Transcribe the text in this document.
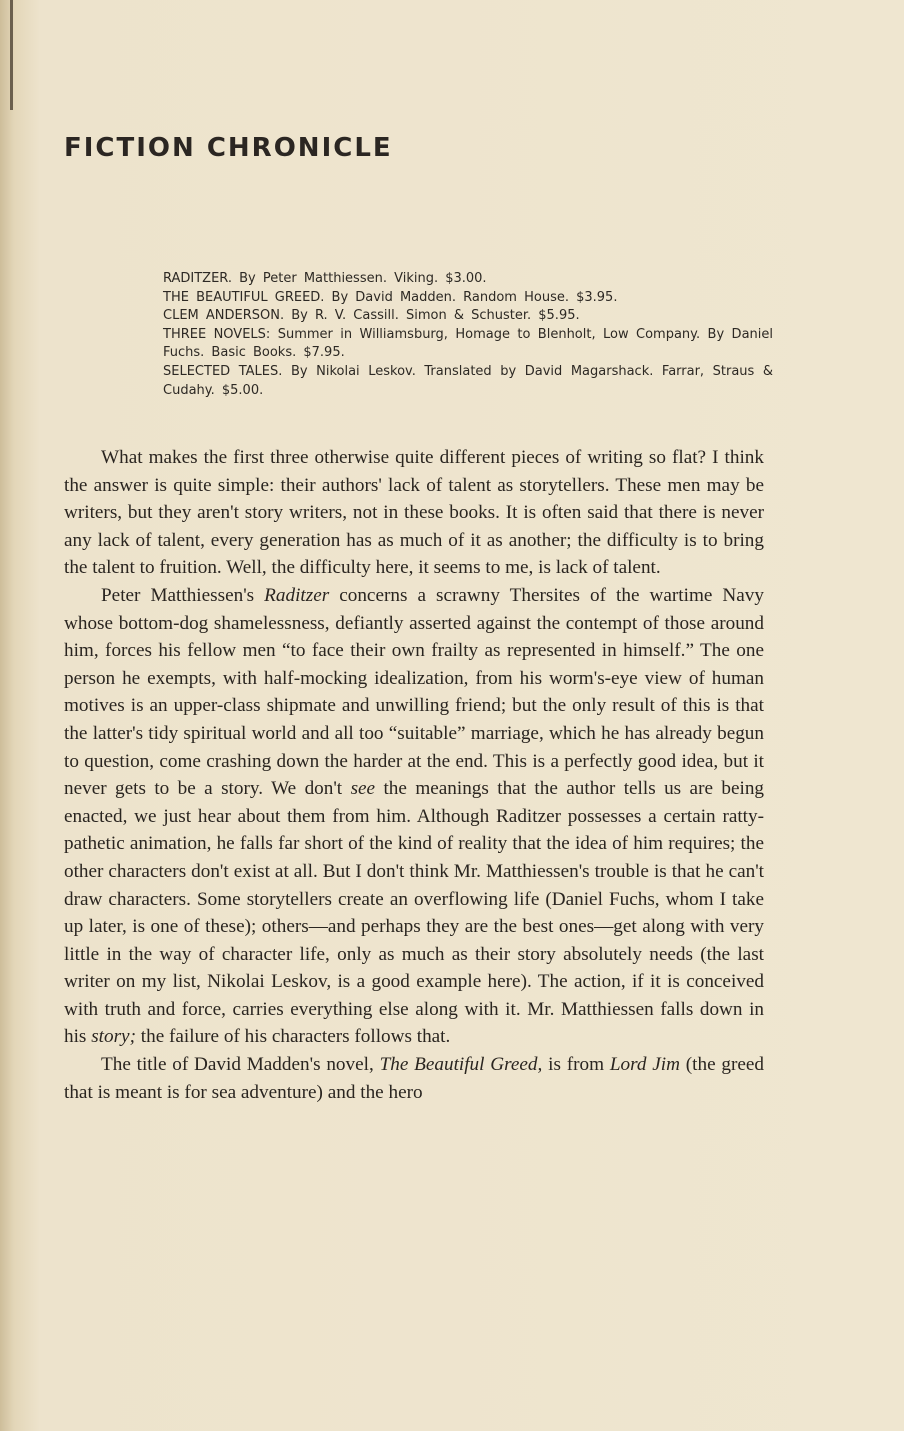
FICTION CHRONICLE
RADITZER. By Peter Matthiessen. Viking. $3.00.
THE BEAUTIFUL GREED. By David Madden. Random House. $3.95.
CLEM ANDERSON. By R. V. Cassill. Simon & Schuster. $5.95.
THREE NOVELS: Summer in Williamsburg, Homage to Blenholt, Low Company. By Daniel Fuchs. Basic Books. $7.95.
SELECTED TALES. By Nikolai Leskov. Translated by David Magarshack. Farrar, Straus & Cudahy. $5.00.

What makes the first three otherwise quite different pieces of writing so flat? I think the answer is quite simple: their authors' lack of talent as storytellers. These men may be writers, but they aren't story writers, not in these books. It is often said that there is never any lack of talent, every generation has as much of it as another; the difficulty is to bring the talent to fruition. Well, the difficulty here, it seems to me, is lack of talent.

Peter Matthiessen's Raditzer concerns a scrawny Thersites of the wartime Navy whose bottom-dog shamelessness, defiantly asserted against the contempt of those around him, forces his fellow men “to face their own frailty as represented in himself.” The one person he exempts, with half-mocking idealization, from his worm's-eye view of human motives is an upper-class shipmate and unwilling friend; but the only result of this is that the latter's tidy spiritual world and all too “suitable” marriage, which he has already begun to question, come crashing down the harder at the end. This is a perfectly good idea, but it never gets to be a story. We don't see the meanings that the author tells us are being enacted, we just hear about them from him. Although Raditzer possesses a certain ratty-pathetic animation, he falls far short of the kind of reality that the idea of him requires; the other characters don't exist at all. But I don't think Mr. Matthiessen's trouble is that he can't draw characters. Some storytellers create an overflowing life (Daniel Fuchs, whom I take up later, is one of these); others—and perhaps they are the best ones—get along with very little in the way of character life, only as much as their story absolutely needs (the last writer on my list, Nikolai Leskov, is a good example here). The action, if it is conceived with truth and force, carries everything else along with it. Mr. Matthiessen falls down in his story; the failure of his characters follows that.

The title of David Madden's novel, The Beautiful Greed, is from Lord Jim (the greed that is meant is for sea adventure) and the hero
